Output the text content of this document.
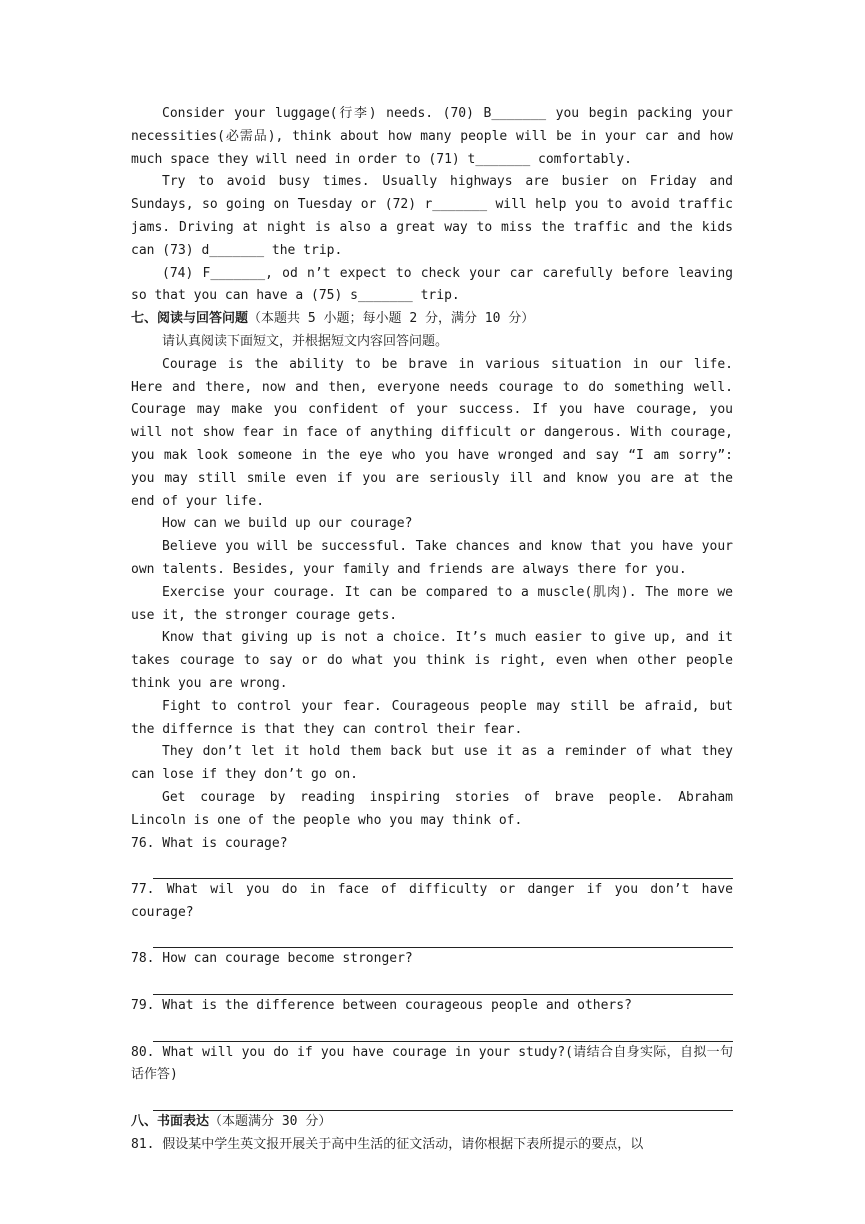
Consider your luggage(行李) needs. (70) B_______ you begin packing your necessities(必需品), think about how many people will be in your car and how much space they will need in order to (71) t_______ comfortably.

Try to avoid busy times. Usually highways are busier on Friday and Sundays, so going on Tuesday or (72) r_______ will help you to avoid traffic jams. Driving at night is also a great way to miss the traffic and the kids can (73) d_______ the trip.

(74) F_______, od n’t expect to check your car carefully before leaving so that you can have a (75) s_______ trip.

七、阅读与回答问题（本题共 5 小题；每小题 2 分，满分 10 分）

请认真阅读下面短文，并根据短文内容回答问题。

Courage is the ability to be brave in various situation in our life. Here and there, now and then, everyone needs courage to do something well. Courage may make you confident of your success. If you have courage, you will not show fear in face of anything difficult or dangerous. With courage, you mak look someone in the eye who you have wronged and say “I am sorry”: you may still smile even if you are seriously ill and know you are at the end of your life.

How can we build up our courage?

Believe you will be successful. Take chances and know that you have your own talents. Besides, your family and friends are always there for you.

Exercise your courage. It can be compared to a muscle(肌肉). The more we use it, the stronger courage gets.

Know that giving up is not a choice. It’s much easier to give up, and it takes courage to say or do what you think is right, even when other people think you are wrong.

Fight to control your fear. Courageous people may still be afraid, but the differnce is that they can control their fear.

They don’t let it hold them back but use it as a reminder of what they can lose if they don’t go on.

Get courage by reading inspiring stories of brave people. Abraham Lincoln is one of the people who you may think of.

76. What is courage?

77. What wil you do in face of difficulty or danger if you don’t have courage?

78. How can courage become stronger?

79. What is the difference between courageous people and others?

80. What will you do if you have courage in your study?(请结合自身实际，自拟一句话作答)

八、书面表达（本题满分 30 分）

81. 假设某中学生英文报开展关于高中生活的征文活动，请你根据下表所提示的要点，以
